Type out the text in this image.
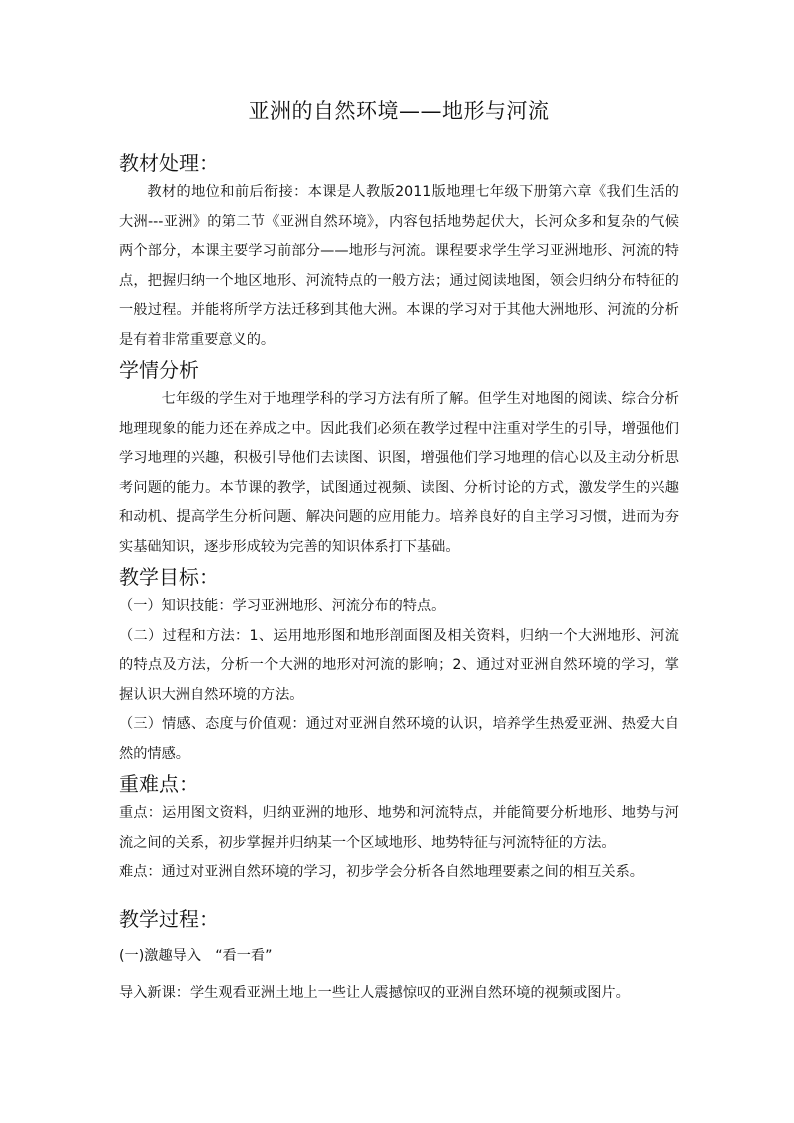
亚洲的自然环境——地形与河流
教材处理：

教材的地位和前后衔接：本课是人教版2011版地理七年级下册第六章《我们生活的大洲---亚洲》的第二节《亚洲自然环境》，内容包括地势起伏大，长河众多和复杂的气候两个部分，本课主要学习前部分——地形与河流。课程要求学生学习亚洲地形、河流的特点，把握归纳一个地区地形、河流特点的一般方法；通过阅读地图，领会归纳分布特征的一般过程。并能将所学方法迁移到其他大洲。本课的学习对于其他大洲地形、河流的分析是有着非常重要意义的。

学情分析

七年级的学生对于地理学科的学习方法有所了解。但学生对地图的阅读、综合分析地理现象的能力还在养成之中。因此我们必须在教学过程中注重对学生的引导，增强他们学习地理的兴趣，积极引导他们去读图、识图，增强他们学习地理的信心以及主动分析思考问题的能力。本节课的教学，试图通过视频、读图、分析讨论的方式，激发学生的兴趣和动机、提高学生分析问题、解决问题的应用能力。培养良好的自主学习习惯，进而为夯实基础知识，逐步形成较为完善的知识体系打下基础。

教学目标：

（一）知识技能：学习亚洲地形、河流分布的特点。

（二）过程和方法：1、运用地形图和地形剖面图及相关资料，归纳一个大洲地形、河流的特点及方法，分析一个大洲的地形对河流的影响；2、通过对亚洲自然环境的学习，掌握认识大洲自然环境的方法。

（三）情感、态度与价值观：通过对亚洲自然环境的认识，培养学生热爱亚洲、热爱大自然的情感。

重难点：

重点：运用图文资料，归纳亚洲的地形、地势和河流特点，并能简要分析地形、地势与河流之间的关系，初步掌握并归纳某一个区域地形、地势特征与河流特征的方法。

难点：通过对亚洲自然环境的学习，初步学会分析各自然地理要素之间的相互关系。

教学过程：

(一)激趣导入　“看一看”

导入新课：学生观看亚洲土地上一些让人震撼惊叹的亚洲自然环境的视频或图片。
